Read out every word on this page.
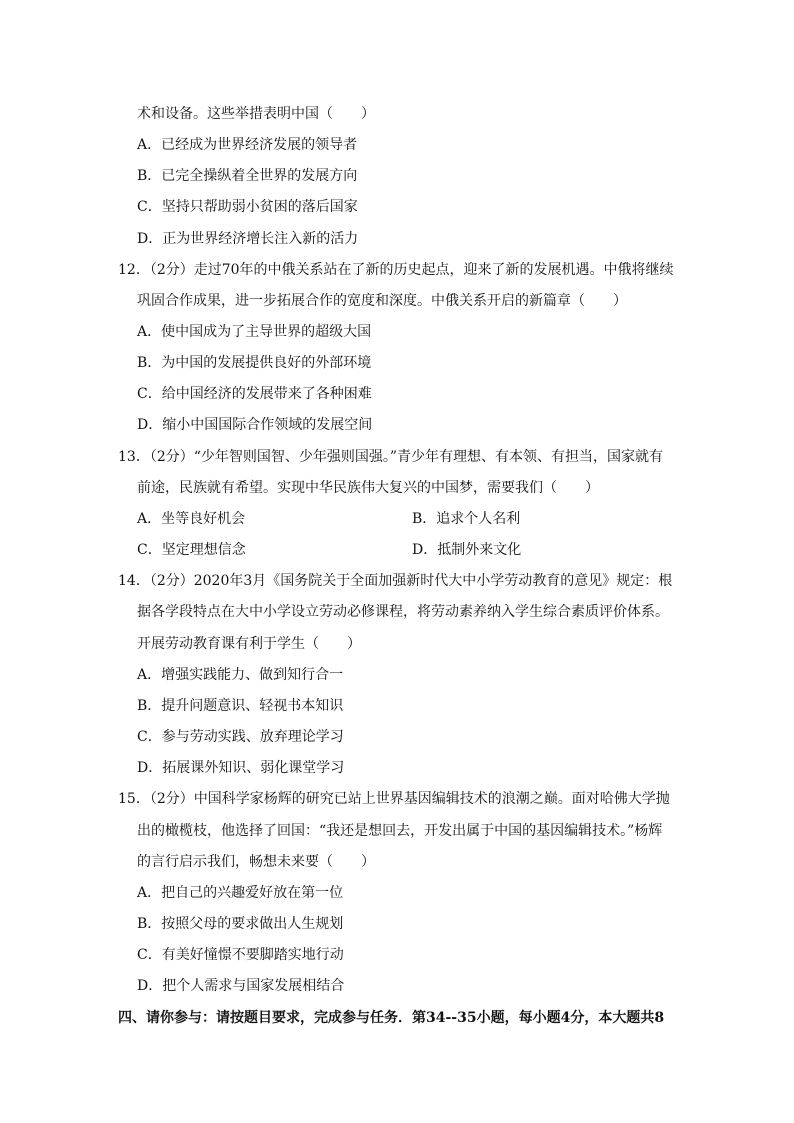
术和设备。这些举措表明中国（　　）
A．已经成为世界经济发展的领导者
B．已完全操纵着全世界的发展方向
C．坚持只帮助弱小贫困的落后国家
D．正为世界经济增长注入新的活力
12．（2分）走过70年的中俄关系站在了新的历史起点，迎来了新的发展机遇。中俄将继续
巩固合作成果，进一步拓展合作的宽度和深度。中俄关系开启的新篇章（　　）
A．使中国成为了主导世界的超级大国
B．为中国的发展提供良好的外部环境
C．给中国经济的发展带来了各种困难
D．缩小中国国际合作领域的发展空间
13．（2分）“少年智则国智、少年强则国强。”青少年有理想、有本领、有担当，国家就有
前途，民族就有希望。实现中华民族伟大复兴的中国梦，需要我们（　　）
A．坐等良好机会	B．追求个人名利
C．坚定理想信念	D．抵制外来文化
14．（2分）2020年3月《国务院关于全面加强新时代大中小学劳动教育的意见》规定：根
据各学段特点在大中小学设立劳动必修课程，将劳动素养纳入学生综合素质评价体系。
开展劳动教育课有利于学生（　　）
A．增强实践能力、做到知行合一
B．提升问题意识、轻视书本知识
C．参与劳动实践、放弃理论学习
D．拓展课外知识、弱化课堂学习
15．（2分）中国科学家杨辉的研究已站上世界基因编辑技术的浪潮之巅。面对哈佛大学抛
出的橄榄枝，他选择了回国：“我还是想回去，开发出属于中国的基因编辑技术。”杨辉
的言行启示我们，畅想未来要（　　）
A．把自己的兴趣爱好放在第一位
B．按照父母的要求做出人生规划
C．有美好憧憬不要脚踏实地行动
D．把个人需求与国家发展相结合
四、请你参与：请按题目要求，完成参与任务．第34--35小题，每小题4分，本大题共8
